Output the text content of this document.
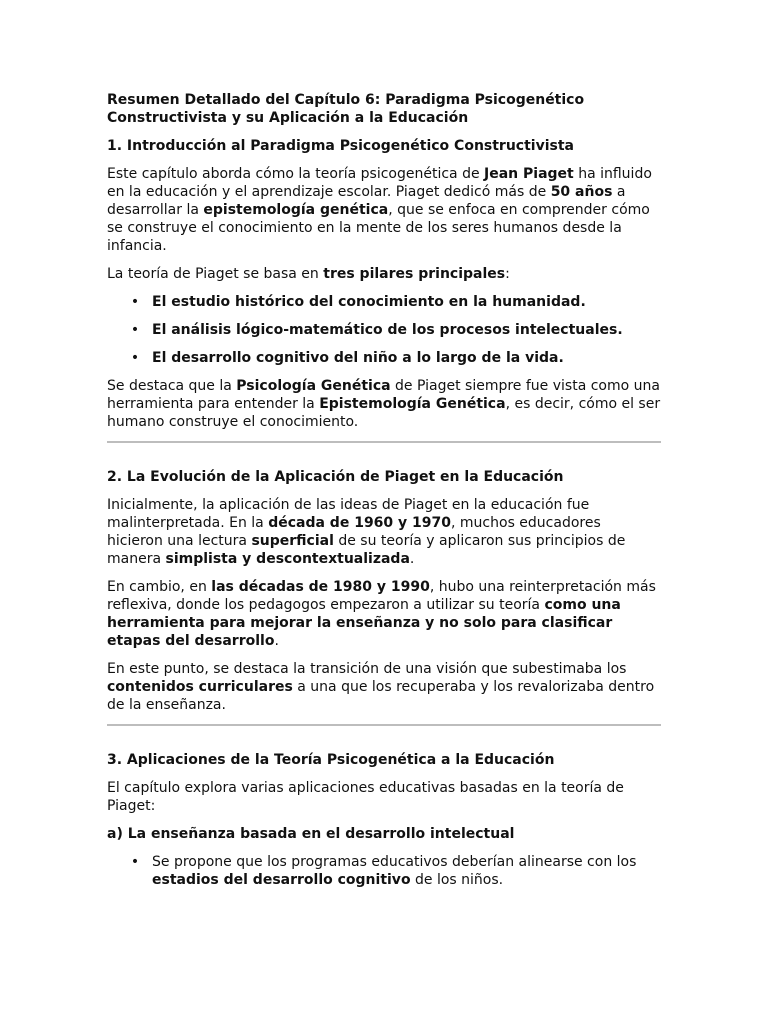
Resumen Detallado del Capítulo 6: Paradigma Psicogenético Constructivista y su Aplicación a la Educación
1. Introducción al Paradigma Psicogenético Constructivista
Este capítulo aborda cómo la teoría psicogenética de Jean Piaget ha influido en la educación y el aprendizaje escolar. Piaget dedicó más de 50 años a desarrollar la epistemología genética, que se enfoca en comprender cómo se construye el conocimiento en la mente de los seres humanos desde la infancia.
La teoría de Piaget se basa en tres pilares principales:
• El estudio histórico del conocimiento en la humanidad.
• El análisis lógico-matemático de los procesos intelectuales.
• El desarrollo cognitivo del niño a lo largo de la vida.
Se destaca que la Psicología Genética de Piaget siempre fue vista como una herramienta para entender la Epistemología Genética, es decir, cómo el ser humano construye el conocimiento.
2. La Evolución de la Aplicación de Piaget en la Educación
Inicialmente, la aplicación de las ideas de Piaget en la educación fue malinterpretada. En la década de 1960 y 1970, muchos educadores hicieron una lectura superficial de su teoría y aplicaron sus principios de manera simplista y descontextualizada.
En cambio, en las décadas de 1980 y 1990, hubo una reinterpretación más reflexiva, donde los pedagogos empezaron a utilizar su teoría como una herramienta para mejorar la enseñanza y no solo para clasificar etapas del desarrollo.
En este punto, se destaca la transición de una visión que subestimaba los contenidos curriculares a una que los recuperaba y los revalorizaba dentro de la enseñanza.
3. Aplicaciones de la Teoría Psicogenética a la Educación
El capítulo explora varias aplicaciones educativas basadas en la teoría de Piaget:
a) La enseñanza basada en el desarrollo intelectual
• Se propone que los programas educativos deberían alinearse con los estadios del desarrollo cognitivo de los niños.
